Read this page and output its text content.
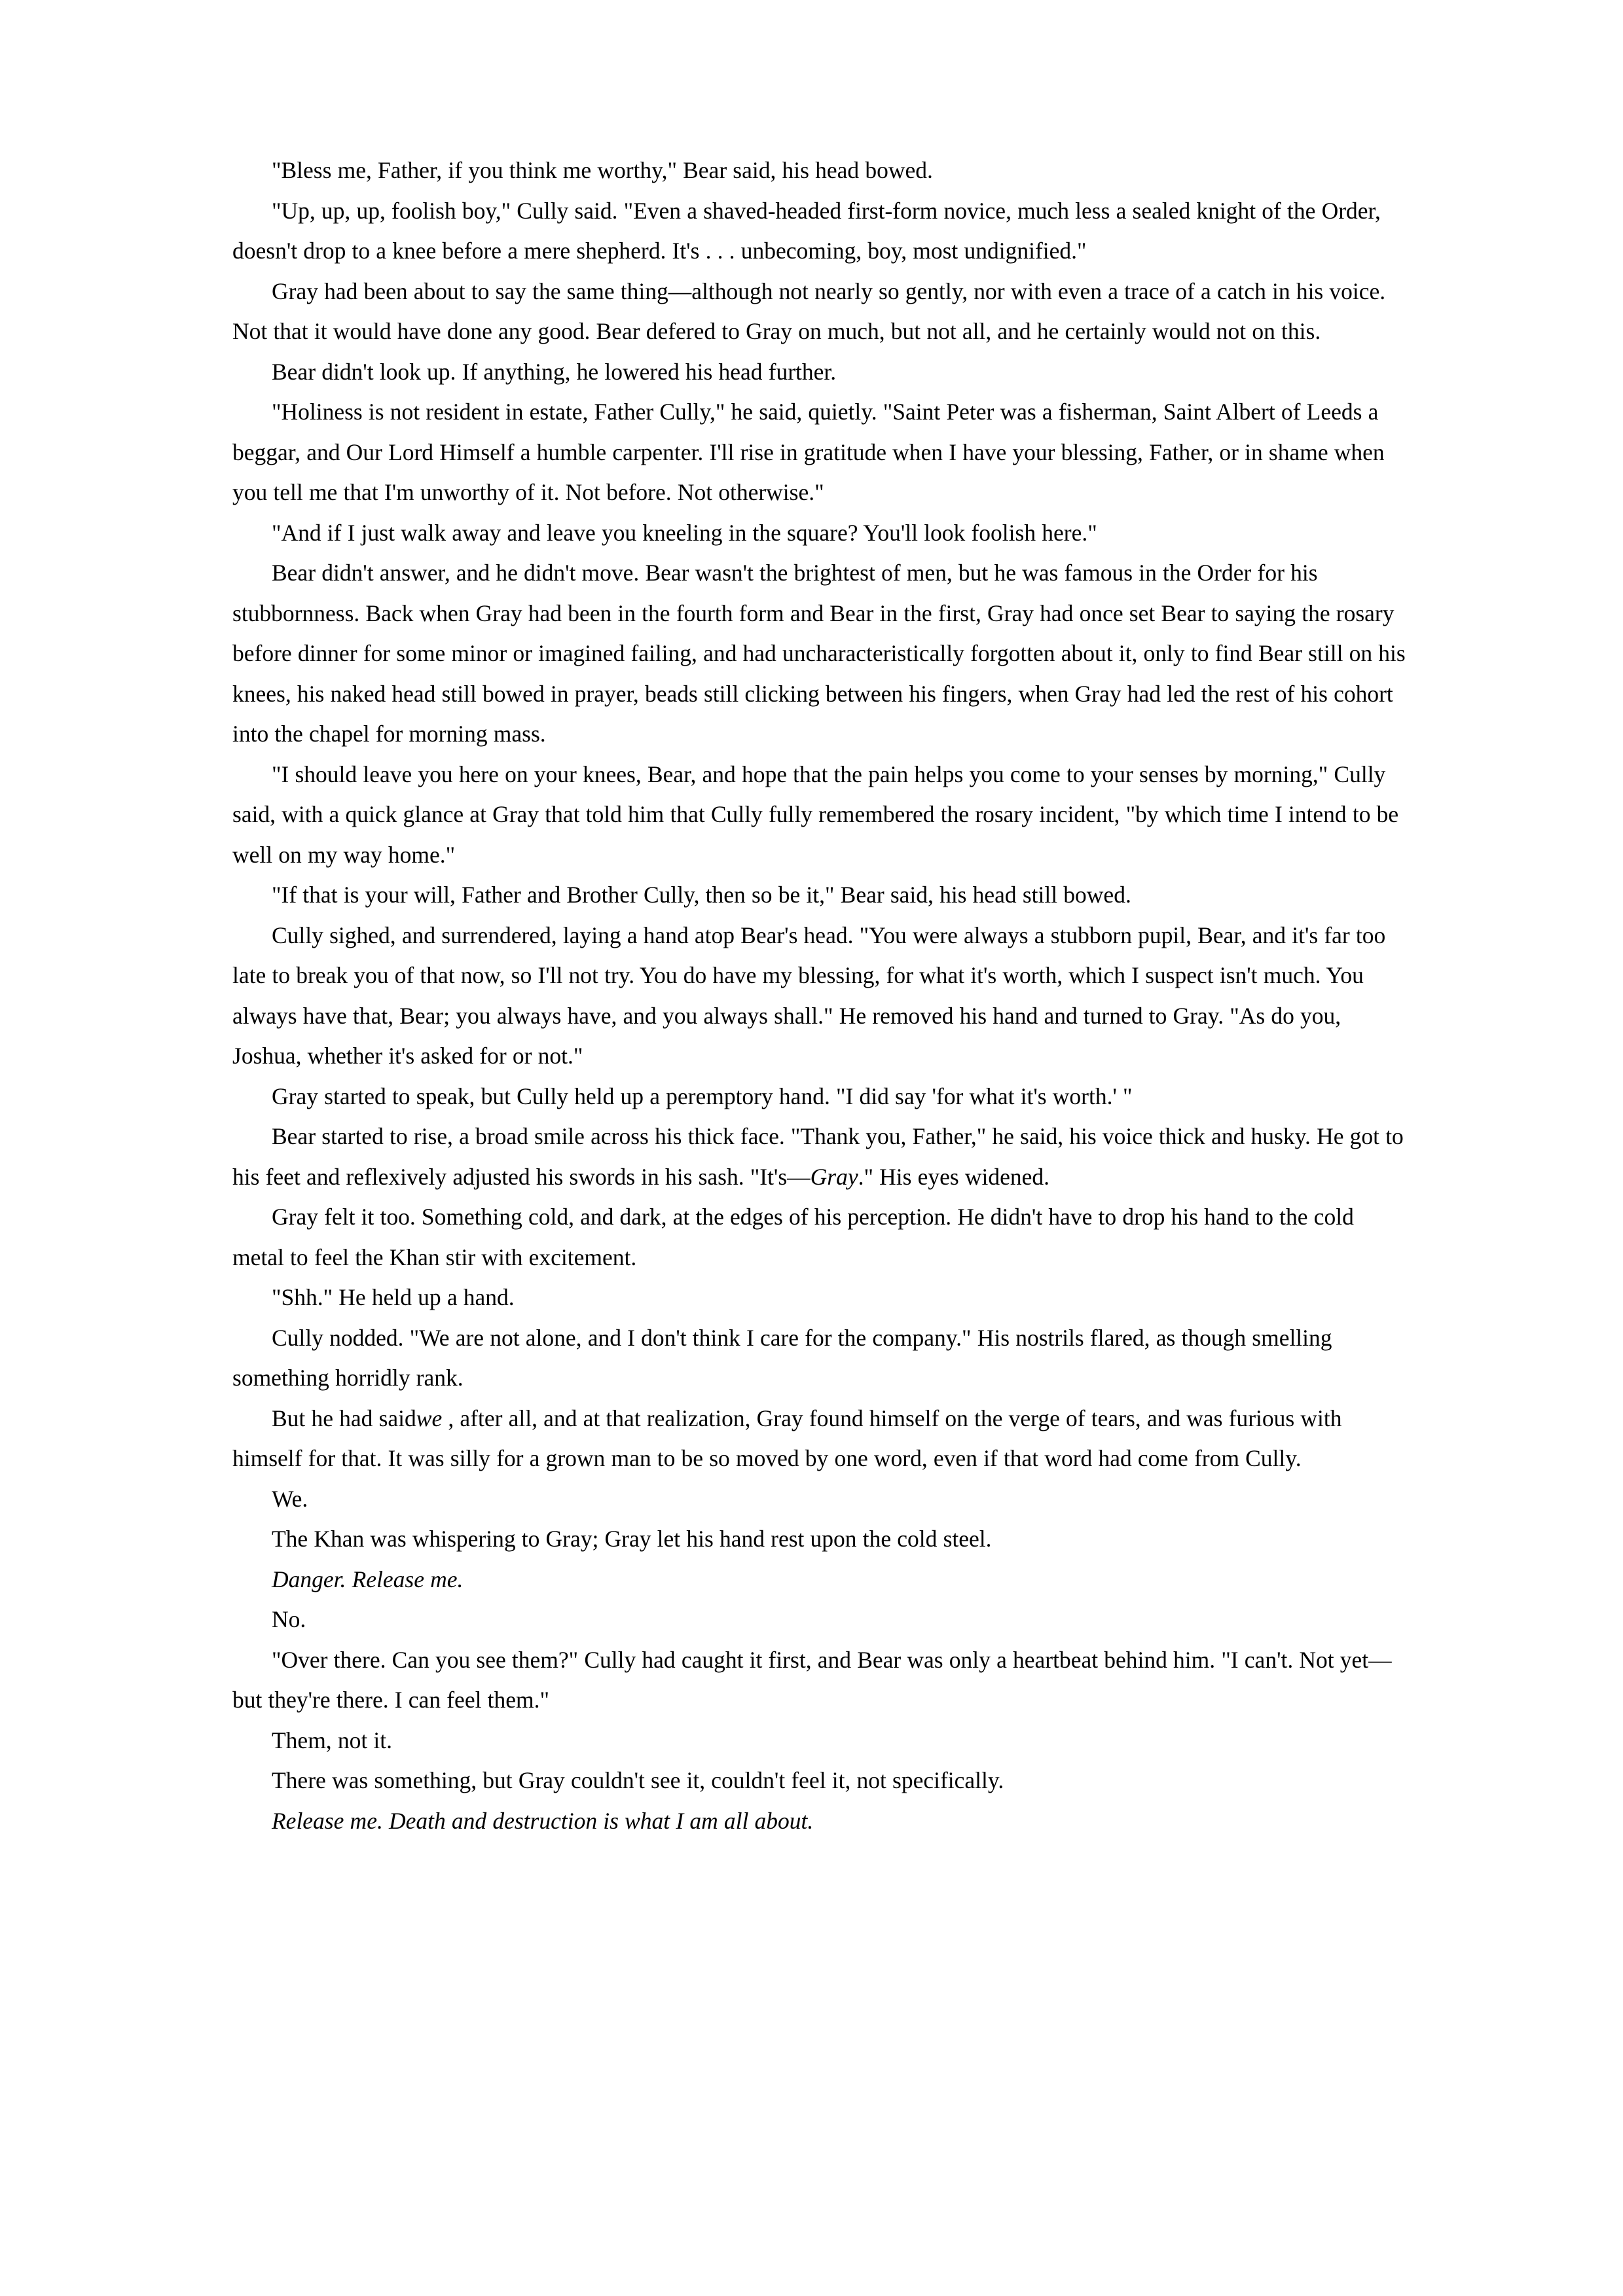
"Bless me, Father, if you think me worthy," Bear said, his head bowed.

"Up, up, up, foolish boy," Cully said. "Even a shaved-headed first-form novice, much less a sealed knight of the Order, doesn't drop to a knee before a mere shepherd. It's . . . unbecoming, boy, most undignified."

Gray had been about to say the same thing—although not nearly so gently, nor with even a trace of a catch in his voice. Not that it would have done any good. Bear defered to Gray on much, but not all, and he certainly would not on this.

Bear didn't look up. If anything, he lowered his head further.

"Holiness is not resident in estate, Father Cully," he said, quietly. "Saint Peter was a fisherman, Saint Albert of Leeds a beggar, and Our Lord Himself a humble carpenter. I'll rise in gratitude when I have your blessing, Father, or in shame when you tell me that I'm unworthy of it. Not before. Not otherwise."

"And if I just walk away and leave you kneeling in the square? You'll look foolish here."

Bear didn't answer, and he didn't move. Bear wasn't the brightest of men, but he was famous in the Order for his stubbornness. Back when Gray had been in the fourth form and Bear in the first, Gray had once set Bear to saying the rosary before dinner for some minor or imagined failing, and had uncharacteristically forgotten about it, only to find Bear still on his knees, his naked head still bowed in prayer, beads still clicking between his fingers, when Gray had led the rest of his cohort into the chapel for morning mass.

"I should leave you here on your knees, Bear, and hope that the pain helps you come to your senses by morning," Cully said, with a quick glance at Gray that told him that Cully fully remembered the rosary incident, "by which time I intend to be well on my way home."

"If that is your will, Father and Brother Cully, then so be it," Bear said, his head still bowed.

Cully sighed, and surrendered, laying a hand atop Bear's head. "You were always a stubborn pupil, Bear, and it's far too late to break you of that now, so I'll not try. You do have my blessing, for what it's worth, which I suspect isn't much. You always have that, Bear; you always have, and you always shall." He removed his hand and turned to Gray. "As do you, Joshua, whether it's asked for or not."

Gray started to speak, but Cully held up a peremptory hand. "I did say 'for what it's worth.' "

Bear started to rise, a broad smile across his thick face. "Thank you, Father," he said, his voice thick and husky. He got to his feet and reflexively adjusted his swords in his sash. "It's—Gray." His eyes widened.

Gray felt it too. Something cold, and dark, at the edges of his perception. He didn't have to drop his hand to the cold metal to feel the Khan stir with excitement.

"Shh." He held up a hand.

Cully nodded. "We are not alone, and I don't think I care for the company." His nostrils flared, as though smelling something horridly rank.

But he had saidwe , after all, and at that realization, Gray found himself on the verge of tears, and was furious with himself for that. It was silly for a grown man to be so moved by one word, even if that word had come from Cully.

We.

The Khan was whispering to Gray; Gray let his hand rest upon the cold steel.

Danger. Release me.

No.

"Over there. Can you see them?" Cully had caught it first, and Bear was only a heartbeat behind him. "I can't. Not yet—but they're there. I can feel them."

Them, not it.

There was something, but Gray couldn't see it, couldn't feel it, not specifically.

Release me. Death and destruction is what I am all about.
